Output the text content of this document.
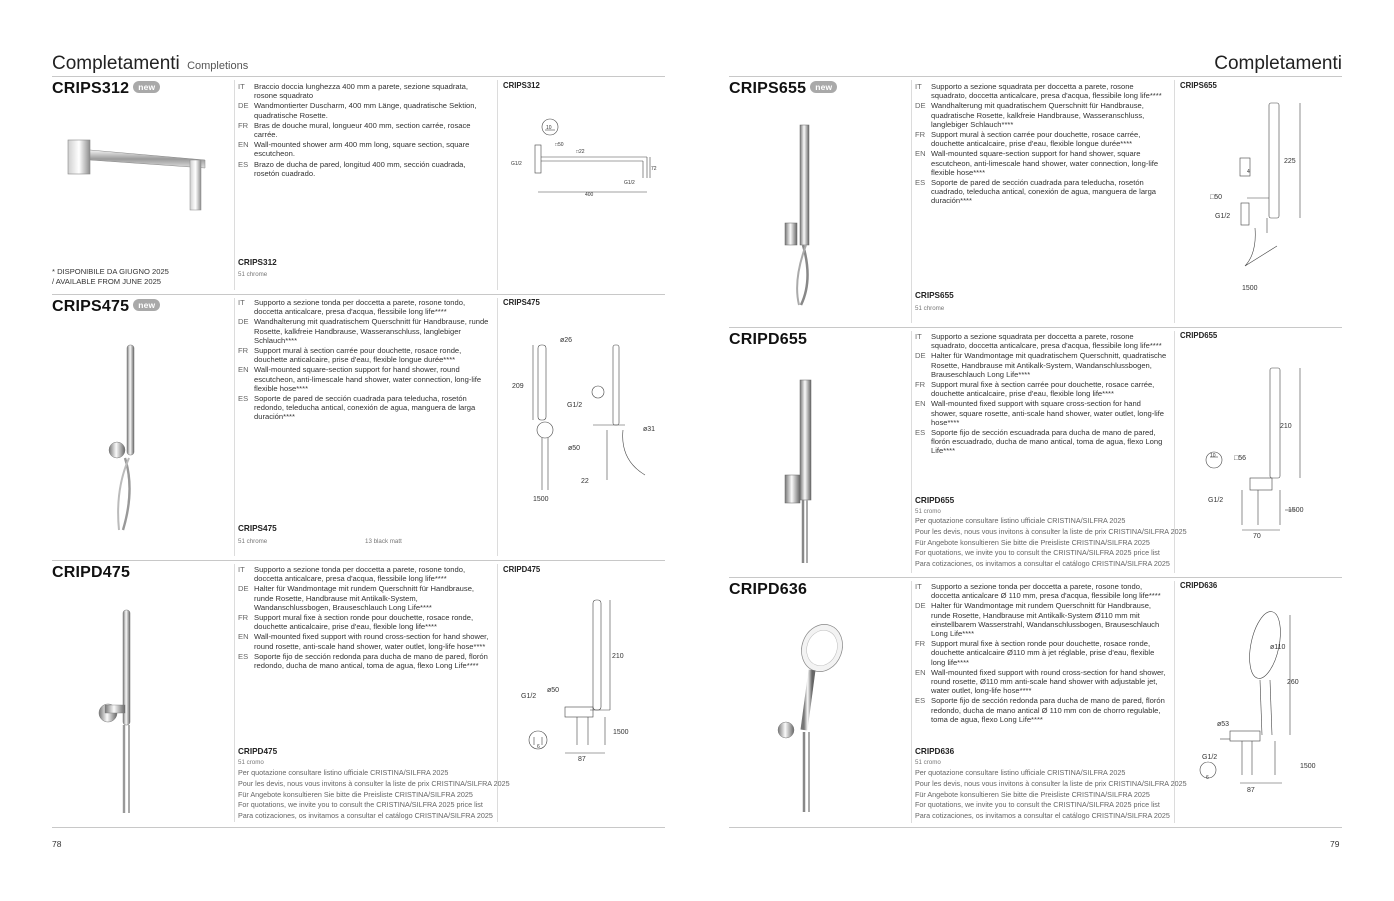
Completamenti Completions	Completamenti
CRIPS312 new
* DISPONIBILE DA GIUGNO 2025
/ AVAILABLE FROM JUNE 2025
IT	Braccio doccia lunghezza 400 mm a parete, sezione squadrata, rosone squadrato
DE Wandmontierter Duscharm, 400 mm Länge, quadratische Sektion, quadratische Rosette.
FR Bras de douche mural, longueur 400 mm, section carrée, rosace carrée.
EN Wall-mounted shower arm 400 mm long, square section, square escutcheon.
ES Brazo de ducha de pared, longitud 400 mm, sección cuadrada, rosetón cuadrado.
CRIPS312
51 chrome
CRIPS312
10
□50
□22
G1/2
72
G1/2
400
CRIPS475 new	IT	Supporto a sezione tonda per doccetta a parete, rosone tondo, doccetta anticalcare, presa d'acqua, flessibile long life****
DE Wandhalterung mit quadratischem Querschnitt für Handbrause, runde Rosette, kalkfreie Handbrause, Wasseranschluss, langlebiger Schlauch****
FR Support mural à section carrée pour douchette, rosace ronde, douchette anticalcaire, prise d'eau, flexible longue durée****
EN Wall-mounted square-section support for hand shower, round escutcheon, anti-limescale hand shower, water connection, long-life flexible hose****
ES Soporte de pared de sección cuadrada para teleducha, rosetón redondo, teleducha antical, conexión de agua, manguera de larga duración****
CRIPS475
51 chrome	13 black matt
CRIPS475
ø26
209
G1/2
ø31
ø50
22
1500
CRIPD475	IT	Supporto a sezione tonda per doccetta a parete, rosone tondo, doccetta anticalcare, presa d'acqua, flessibile long life****
DE Halter für Wandmontage mit rundem Querschnitt für Handbrause, runde Rosette, Handbrause mit Antikalk-System, Wandanschlussbogen, Brauseschlauch Long Life****
FR Support mural fixe à section ronde pour douchette, rosace ronde, douchette anticalcaire, prise d'eau, flexible long life****
EN Wall-mounted fixed support with round cross-section for hand shower, round rosette, anti-scale hand shower, water outlet, long-life hose****
ES Soporte fijo de sección redonda para ducha de mano de pared, florón redondo, ducha de mano antical, toma de agua, flexo Long Life****
CRIPD475
51 cromo
Per quotazione consultare listino ufficiale CRISTINA/SILFRA 2025
Pour les devis, nous vous invitons à consulter la liste de prix CRISTINA/SILFRA 2025
Für Angebote konsultieren Sie bitte die Preisliste CRISTINA/SILFRA 2025
For quotations, we invite you to consult the CRISTINA/SILFRA 2025 price list
Para cotizaciones, os invitamos a consultar el catálogo CRISTINA/SILFRA 2025
CRIPD475
210
ø50
G1/2
1500
6
87
78
CRIPS655 new	IT	Supporto a sezione squadrata per doccetta a parete, rosone squadrato, doccetta anticalcare, presa d'acqua, flessibile long life****
DE Wandhalterung mit quadratischem Querschnitt für Handbrause, quadratische Rosette, kalkfreie Handbrause, Wasseranschluss, langlebiger Schlauch****
FR Support mural à section carrée pour douchette, rosace carrée, douchette anticalcaire, prise d'eau, flexible longue durée****
EN Wall-mounted square-section support for hand shower, square escutcheon, anti-limescale hand shower, water connection, long-life flexible hose****
ES Soporte de pared de sección cuadrada para teleducha, rosetón cuadrado, teleducha antical, conexión de agua, manguera de larga duración****
CRIPS655
51 chrome
CRIPS655
225
4
□50
G1/2
1500
CRIPD655	IT	Supporto a sezione squadrata per doccetta a parete, rosone squadrato, doccetta anticalcare, presa d'acqua, flessibile long life****
DE Halter für Wandmontage mit quadratischem Querschnitt, quadratische Rosette, Handbrause mit Antikalk-System, Wandanschlussbogen, Brauseschlauch Long Life****
FR Support mural fixe à section carrée pour douchette, rosace carrée, douchette anticalcaire, prise d'eau, flexible long life****
EN Wall-mounted fixed support with square cross-section for hand shower, square rosette, anti-scale hand shower, water outlet, long-life hose****
ES Soporte fijo de sección escuadrada para ducha de mano de pared, florón escuadrado, ducha de mano antical, toma de agua, flexo Long Life****
CRIPD655
51 cromo
Per quotazione consultare listino ufficiale CRISTINA/SILFRA 2025
Pour les devis, nous vous invitons à consulter la liste de prix CRISTINA/SILFRA 2025
Für Angebote konsultieren Sie bitte die Preisliste CRISTINA/SILFRA 2025
For quotations, we invite you to consult the CRISTINA/SILFRA 2025 price list
Para cotizaciones, os invitamos a consultar el catálogo CRISTINA/SILFRA 2025
CRIPD655
210
10	□56
G1/2
1500
70
CRIPD636	IT	Supporto a sezione tonda per doccetta a parete, rosone tondo, doccetta anticalcare Ø 110 mm, presa d'acqua, flessibile long life****
DE Halter für Wandmontage mit rundem Querschnitt für Handbrause, runde Rosette, Handbrause mit Antikalk-System Ø110 mm mit einstellbarem Wasserstrahl, Wandanschlussbogen, Brauseschlauch Long Life****
FR Support mural fixe à section ronde pour douchette, rosace ronde, douchette anticalcaire Ø110 mm à jet réglable, prise d'eau, flexible long life****
EN Wall-mounted fixed support with round cross-section for hand shower, round rosette, Ø110 mm anti-scale hand shower with adjustable jet, water outlet, long-life hose****
ES Soporte fijo de sección redonda para ducha de mano de pared, florón redondo, ducha de mano antical Ø 110 mm con de chorro regulable, toma de agua, flexo Long Life****
CRIPD636
51 cromo
Per quotazione consultare listino ufficiale CRISTINA/SILFRA 2025
Pour les devis, nous vous invitons à consulter la liste de prix CRISTINA/SILFRA 2025
Für Angebote konsultieren Sie bitte die Preisliste CRISTINA/SILFRA 2025
For quotations, we invite you to consult the CRISTINA/SILFRA 2025 price list
Para cotizaciones, os invitamos a consultar el catálogo CRISTINA/SILFRA 2025
CRIPD636
ø110
260
ø53
G1/2
6
1500
87
79
